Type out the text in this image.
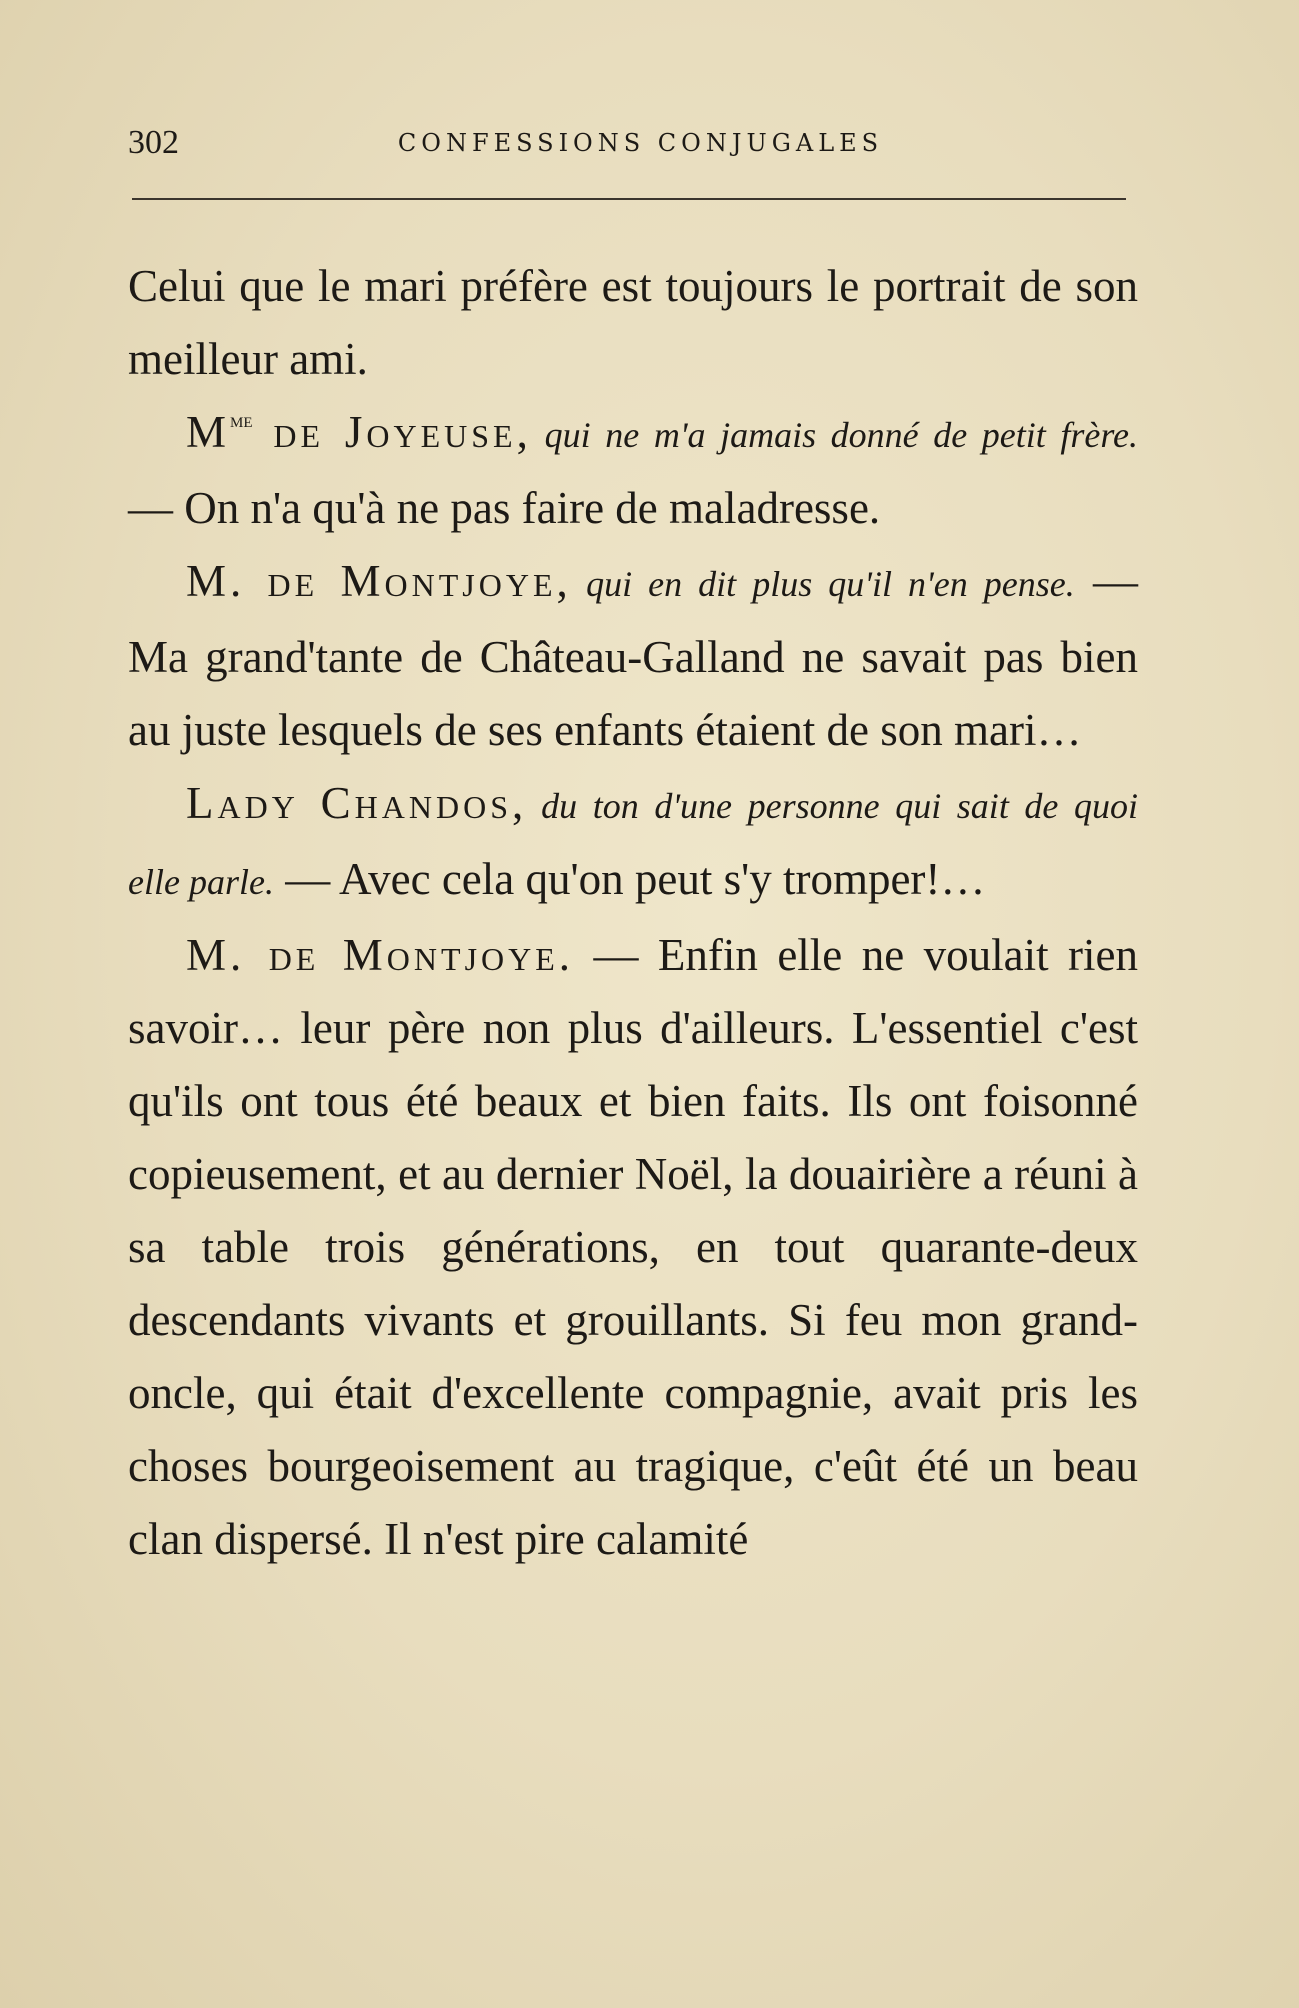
302	CONFESSIONS CONJUGALES

Celui que le mari préfère est toujours le portrait de son meilleur ami.

$M^{me}$ de Joyeuse, qui ne m'a jamais donné de petit frère. — On n'a qu'à ne pas faire de maladresse.

M. de Montjoye, qui en dit plus qu'il n'en pense. — Ma grand'tante de Château-Galland ne savait pas bien au juste lesquels de ses enfants étaient de son mari…

Lady Chandos, du ton d'une personne qui sait de quoi elle parle. — Avec cela qu'on peut s'y tromper!…

M. de Montjoye. — Enfin elle ne voulait rien savoir… leur père non plus d'ailleurs. L'essentiel c'est qu'ils ont tous été beaux et bien faits. Ils ont foisonné copieusement, et au dernier Noël, la douairière a réuni à sa table trois générations, en tout quarante-deux descendants vivants et grouillants. Si feu mon grand-oncle, qui était d'excellente compagnie, avait pris les choses bourgeoisement au tragique, c'eût été un beau clan dispersé. Il n'est pire calamité
